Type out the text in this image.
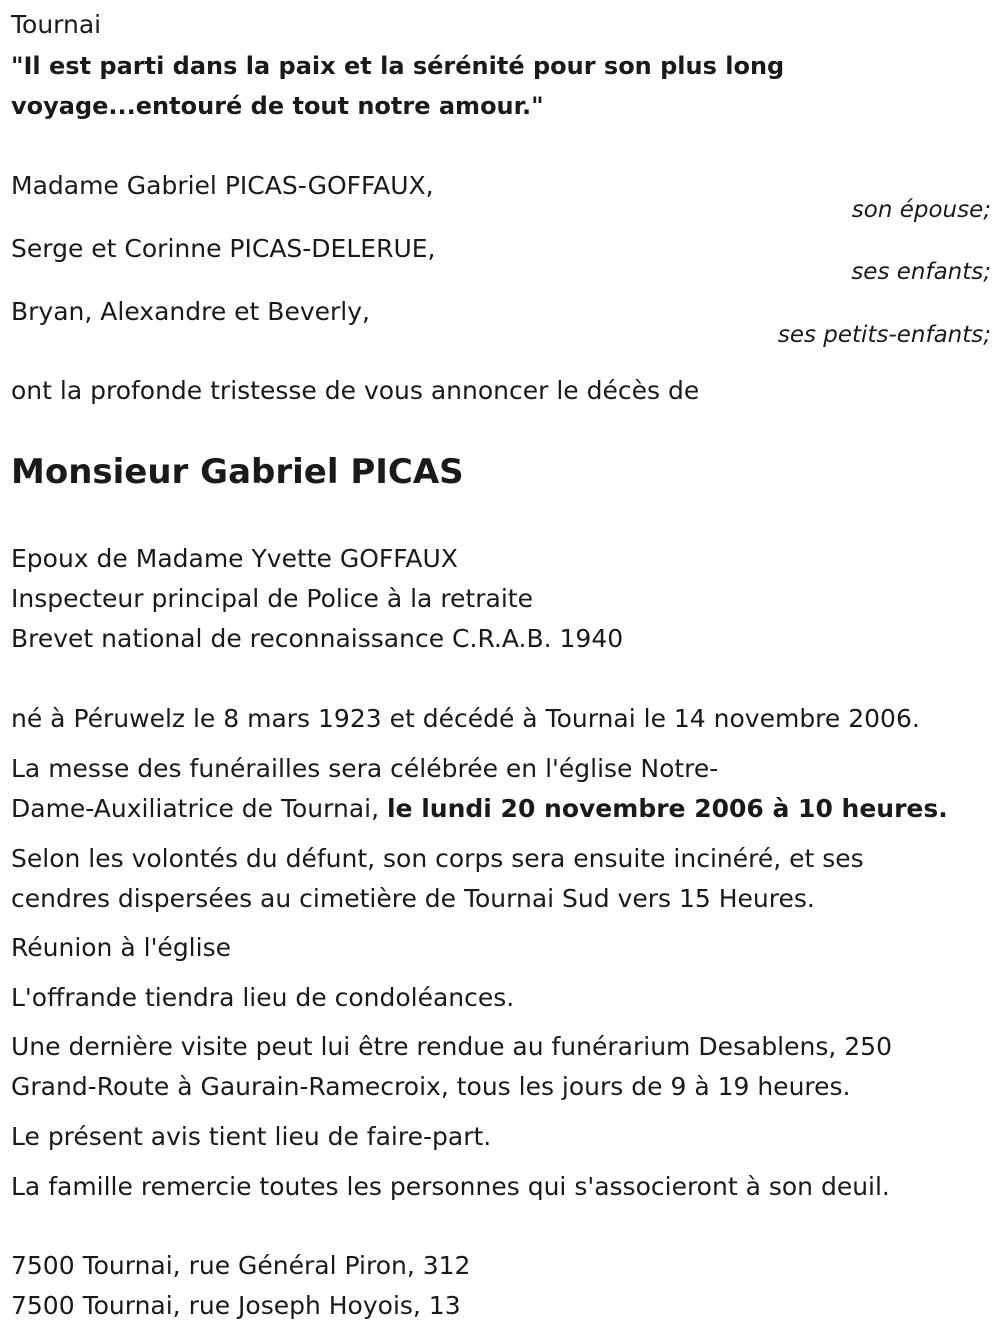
Tournai
"Il est parti dans la paix et la sérénité pour son plus long
voyage...entouré de tout notre amour."
Madame Gabriel PICAS-GOFFAUX,
son épouse;
Serge et Corinne PICAS-DELERUE,
ses enfants;
Bryan, Alexandre et Beverly,
ses petits-enfants;
ont la profonde tristesse de vous annoncer le décès de
Monsieur Gabriel PICAS
Epoux de Madame Yvette GOFFAUX
Inspecteur principal de Police à la retraite
Brevet national de reconnaissance C.R.A.B. 1940
né à Péruwelz le 8 mars 1923 et décédé à Tournai le 14 novembre 2006.
La messe des funérailles sera célébrée en l'église Notre-
Dame-Auxiliatrice de Tournai, le lundi 20 novembre 2006 à 10 heures.
Selon les volontés du défunt, son corps sera ensuite incinéré, et ses
cendres dispersées au cimetière de Tournai Sud vers 15 Heures.
Réunion à l'église
L'offrande tiendra lieu de condoléances.
Une dernière visite peut lui être rendue au funérarium Desablens, 250
Grand-Route à Gaurain-Ramecroix, tous les jours de 9 à 19 heures.
Le présent avis tient lieu de faire-part.
La famille remercie toutes les personnes qui s'associeront à son deuil.
7500 Tournai, rue Général Piron, 312
7500 Tournai, rue Joseph Hoyois, 13
